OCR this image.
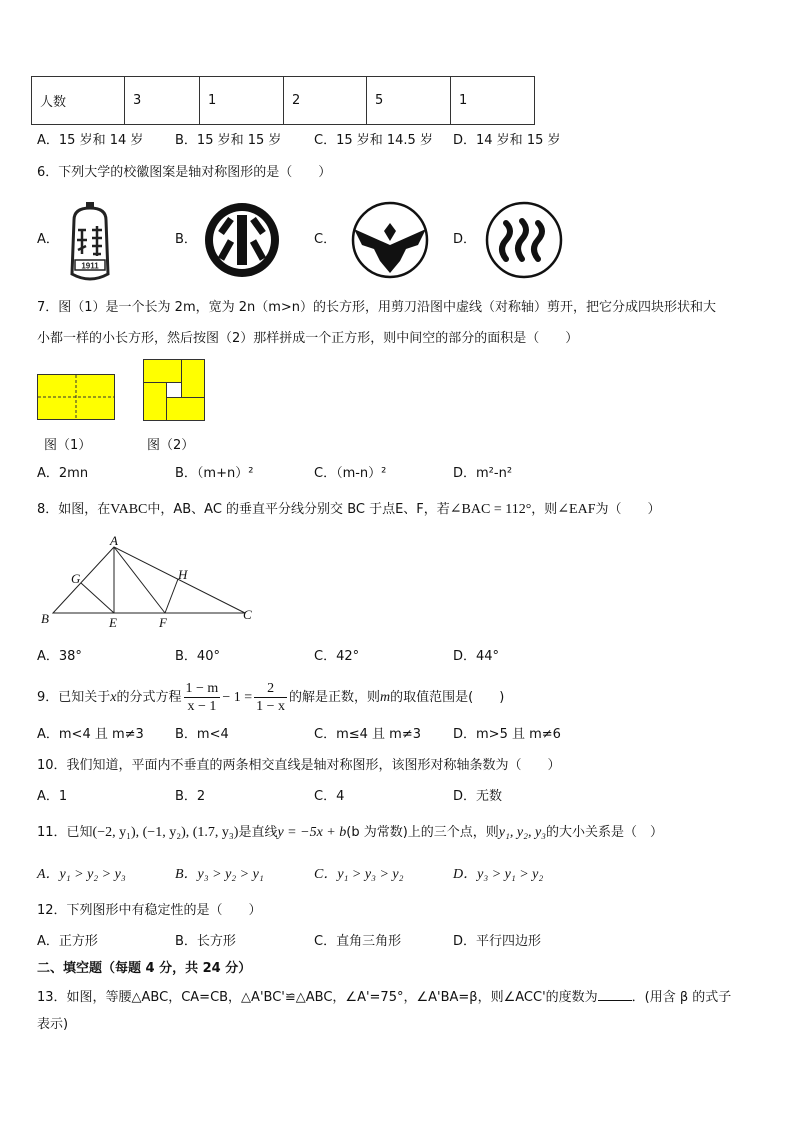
人数	3	1	2	5	1
A．15 岁和 14 岁 B．15 岁和 15 岁	C．15 岁和 14.5 岁 D．14 岁和 15 岁
6．下列大学的校徽图案是轴对称图形的是（　　）
A．
1911
B．	C．	D．
7．图（1）是一个长为 2m，宽为 2n（m>n）的长方形，用剪刀沿图中虚线（对称轴）剪开，把它分成四块形状和大
小都一样的小长方形，然后按图（2）那样拼成一个正方形，则中间空的部分的面积是（　　）
图（1）	图（2）
A．2mn	B．（m+n）²	C．（m-n）²	D．m²-n²
8．如图，在VABC中，AB、AC 的垂直平分线分别交 BC 于点E、F，若∠BAC = 112°，则∠EAF为（　　）
A
B	C
E	F
G	H
A．38°	B．40°	C．42°	D．44°
9．已知关于x的分式方程 $\frac{1 - m}{x - 1} - 1 = \frac{2}{1 - x}$ 的解是正数，则m的取值范围是(　　)
A．m<4 且 m≠3 B．m<4	C．m≤4 且 m≠3 D．m>5 且 m≠6
10．我们知道，平面内不垂直的两条相交直线是轴对称图形，该图形对称轴条数为（　　）
A．1	B．2	C．4	D．无数
11．已知(−2, y₁), (−1, y₂), (1.7, y₃)是直线y = −5x + b(b 为常数)上的三个点，则y₁, y₂, y₃的大小关系是（　）
A．y₁ > y₂ > y₃	B．y₃ > y₂ > y₁	C．y₁ > y₃ > y₂	D．y₃ > y₁ > y₂
12．下列图形中有稳定性的是（　　）
A．正方形	B．长方形	C．直角三角形	D．平行四边形
二、填空题（每题 4 分，共 24 分）
13．如图，等腰△ABC，CA=CB，△A'BC'≌△ABC，∠A'=75°，∠A'BA=β，则∠ACC'的度数为	．(用含 β 的式子
表示)
